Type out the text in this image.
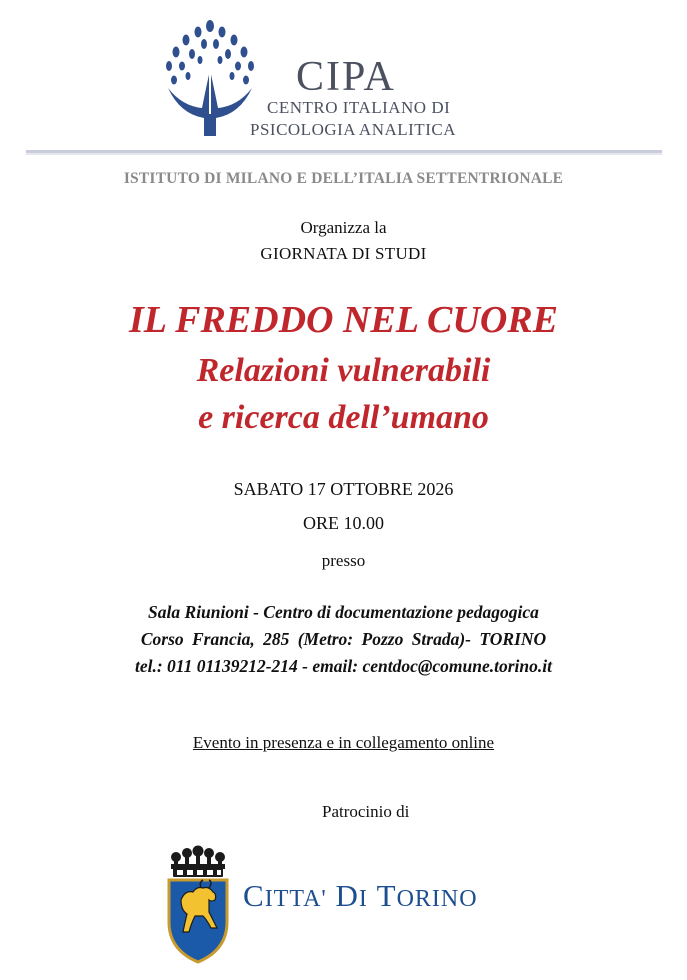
CIPA
CENTRO ITALIANO DI
PSICOLOGIA ANALITICA
ISTITUTO DI MILANO E DELL’ITALIA SETTENTRIONALE
Organizza la
GIORNATA DI STUDI
IL FREDDO NEL CUORE
Relazioni vulnerabili
e ricerca dell’umano
SABATO 17 OTTOBRE 2026
ORE 10.00
presso
Sala Riunioni - Centro di documentazione pedagogica
Corso Francia, 285 (Metro: Pozzo Strada)- TORINO
tel.: 011 01139212-214 - email: centdoc@comune.torino.it
Evento in presenza e in collegamento online
Patrocinio di
CITTA' DI TORINO
